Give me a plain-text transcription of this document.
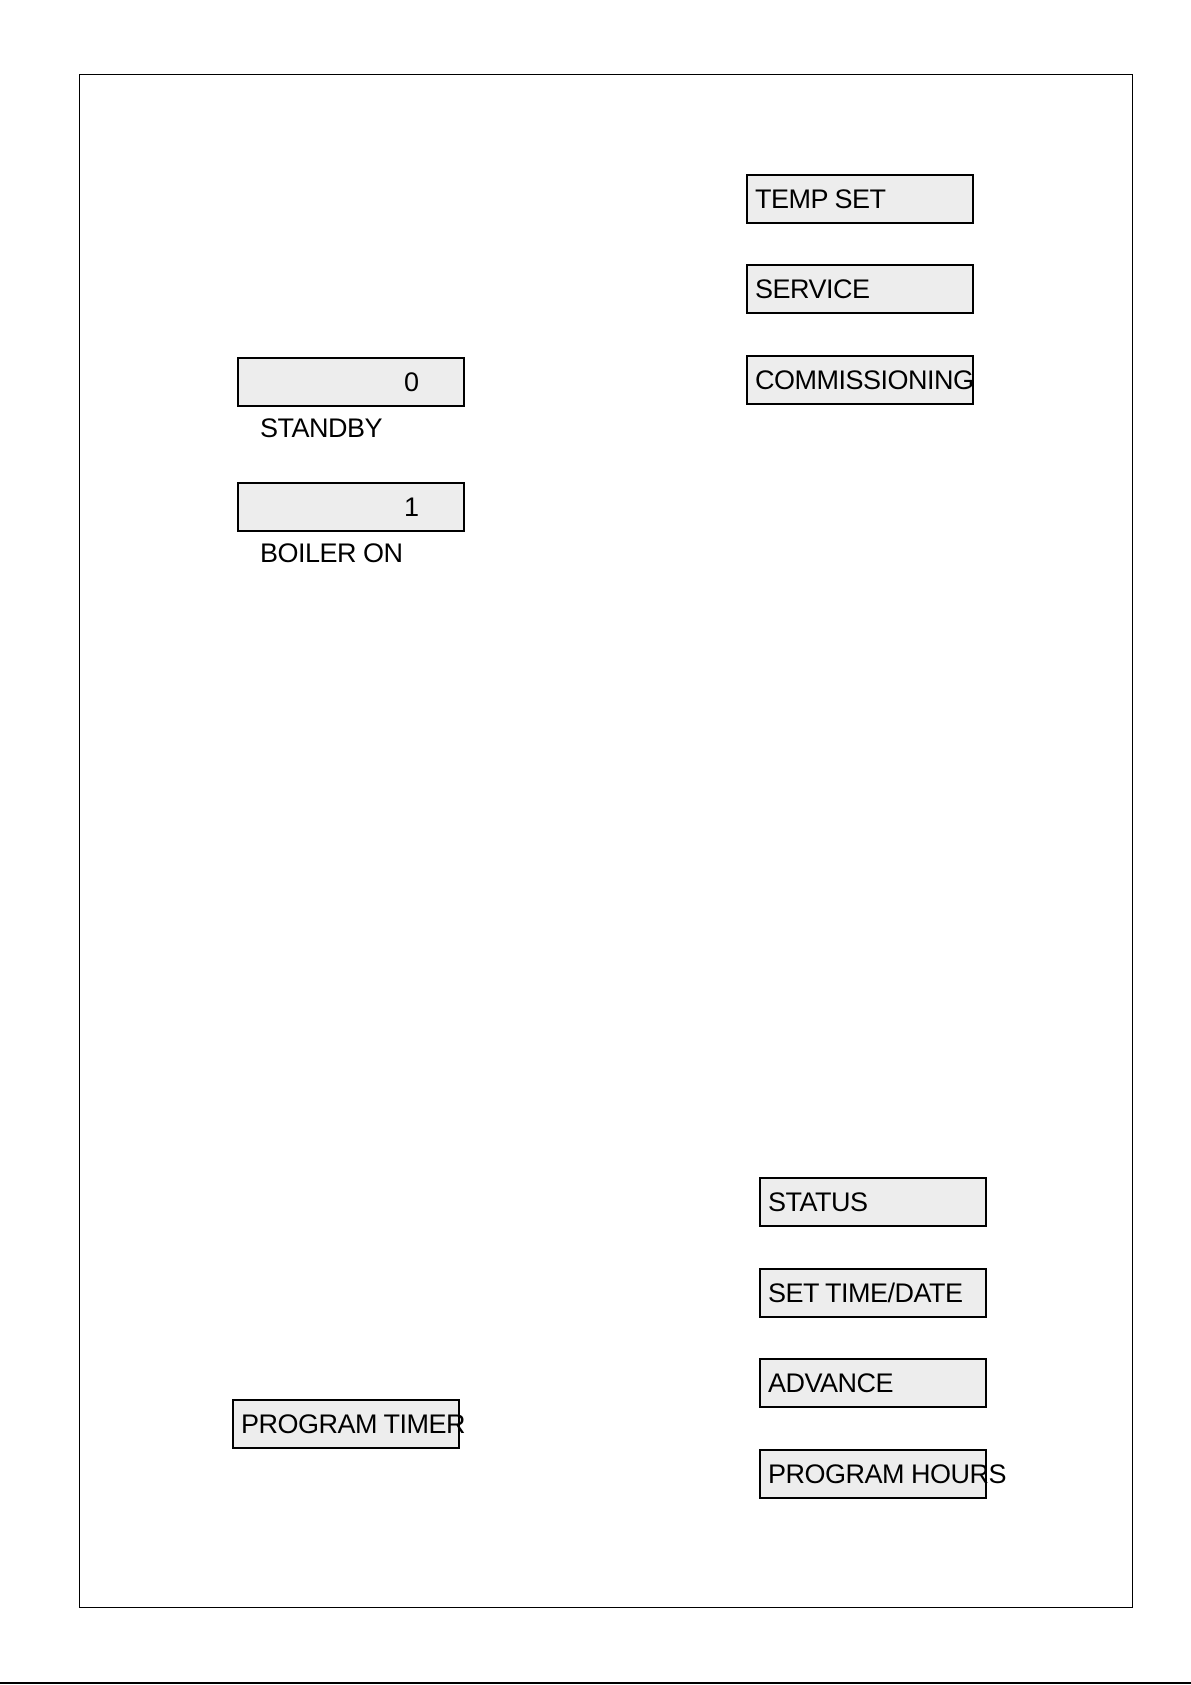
TEMP SET
SERVICE
COMMISSIONING

STANDBY
0

BOILER ON
1

PROGRAM TIMER
STATUS
SET TIME/DATE
ADVANCE
PROGRAM HOURS
